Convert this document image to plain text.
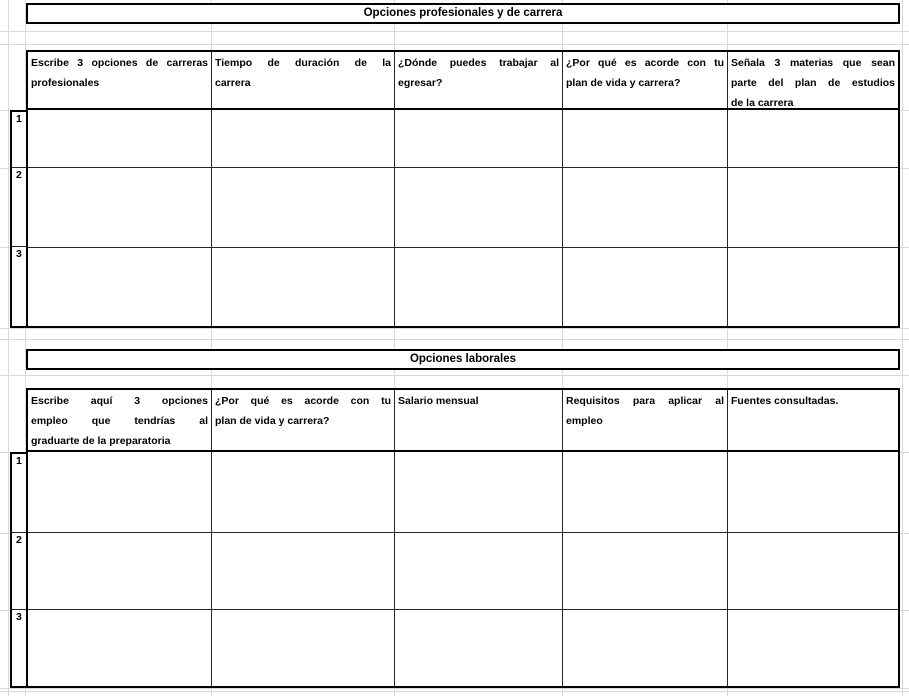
Opciones profesionales y de carrera
1
2
3
Escribe 3 opciones de carreras
profesionales
Tiempo de duración de la
carrera
¿Dónde puedes trabajar al
egresar?
¿Por qué es acorde con tu
plan de vida y carrera?
Señala 3 materias que sean
parte del plan de estudios
de la carrera
Opciones laborales
1
2
3
Escribe aquí 3 opciones
empleo que tendrías al
graduarte de la preparatoria
¿Por qué es acorde con tu
plan de vida y carrera?
Salario mensual	Requisitos para aplicar al
empleo
Fuentes consultadas.
